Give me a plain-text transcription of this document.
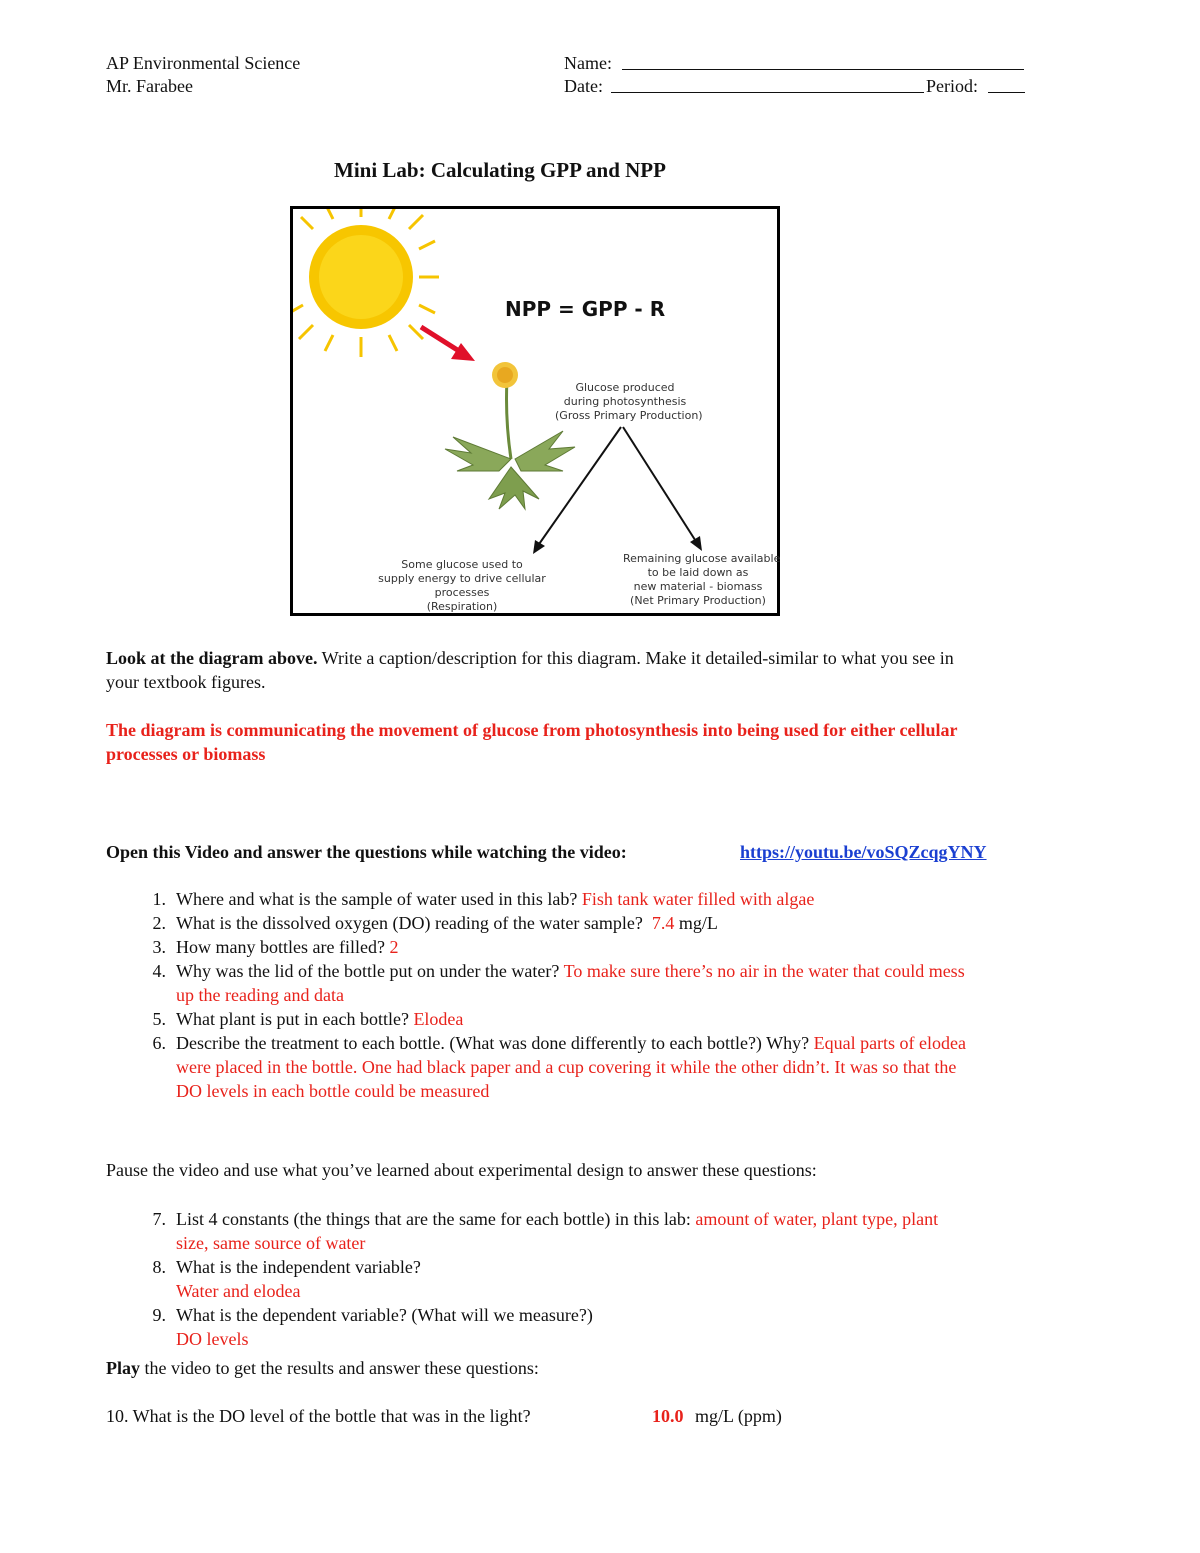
AP Environmental Science
Mr. Farabee
Name:
Date:	Period:
Mini Lab: Calculating GPP and NPP
NPP = GPP - R
Glucose produced
during photosynthesis
(Gross Primary Production)
Some glucose used to
supply energy to drive cellular
processes
(Respiration)
Remaining glucose available
to be laid down as
new material - biomass
(Net Primary Production)
Look at the diagram above. Write a caption/description for this diagram. Make it detailed-similar to what you see in
your textbook figures.
The diagram is communicating the movement of glucose from photosynthesis into being used for either cellular
processes or biomass
Open this Video and answer the questions while watching the video:	https://youtu.be/voSQZcqgYNY
1. Where and what is the sample of water used in this lab? Fish tank water filled with algae
2. What is the dissolved oxygen (DO) reading of the water sample? 7.4 mg/L
3. How many bottles are filled? 2
4. Why was the lid of the bottle put on under the water? To make sure there’s no air in the water that could mess
up the reading and data
5. What plant is put in each bottle? Elodea
6. Describe the treatment to each bottle. (What was done differently to each bottle?) Why? Equal parts of elodea
were placed in the bottle. One had black paper and a cup covering it while the other didn’t. It was so that the
DO levels in each bottle could be measured
Pause the video and use what you’ve learned about experimental design to answer these questions:
7. List 4 constants (the things that are the same for each bottle) in this lab: amount of water, plant type, plant
size, same source of water
8. What is the independent variable?
Water and elodea
9. What is the dependent variable? (What will we measure?)
DO levels
Play the video to get the results and answer these questions:
10. What is the DO level of the bottle that was in the light?	10.0 mg/L (ppm)
